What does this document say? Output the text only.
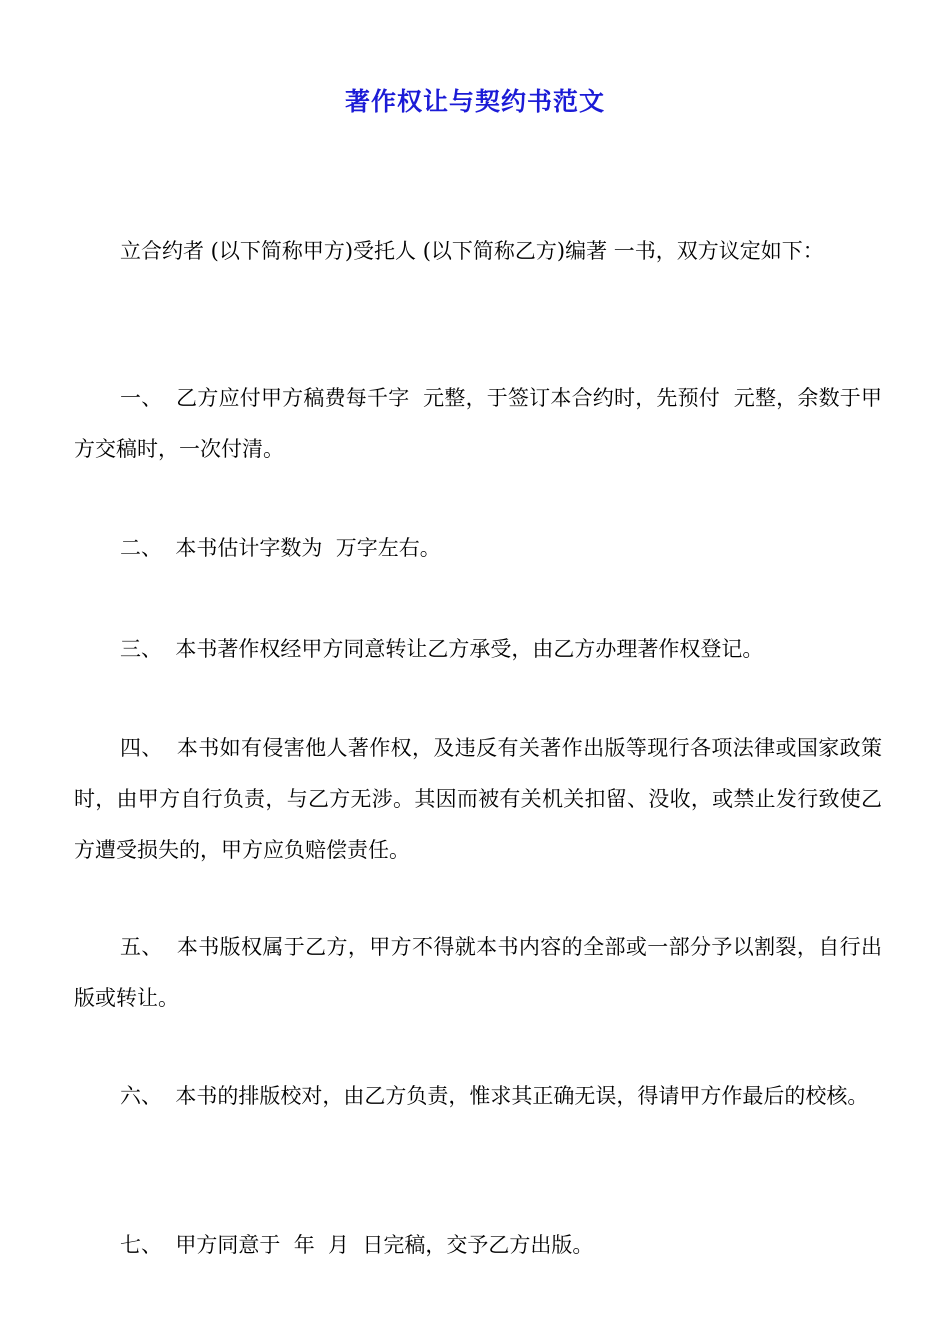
著作权让与契约书范文

立合约者 (以下简称甲方)受托人 (以下简称乙方)编著 一书，双方议定如下：

一、  乙方应付甲方稿费每千字  元整，于签订本合约时，先预付  元整，余数于甲方交稿时，一次付清。

二、  本书估计字数为  万字左右。

三、  本书著作权经甲方同意转让乙方承受，由乙方办理著作权登记。

四、  本书如有侵害他人著作权，及违反有关著作出版等现行各项法律或国家政策时，由甲方自行负责，与乙方无涉。其因而被有关机关扣留、没收，或禁止发行致使乙方遭受损失的，甲方应负赔偿责任。

五、  本书版权属于乙方，甲方不得就本书内容的全部或一部分予以割裂，自行出版或转让。

六、  本书的排版校对，由乙方负责，惟求其正确无误，得请甲方作最后的校核。

七、  甲方同意于  年  月  日完稿，交予乙方出版。
